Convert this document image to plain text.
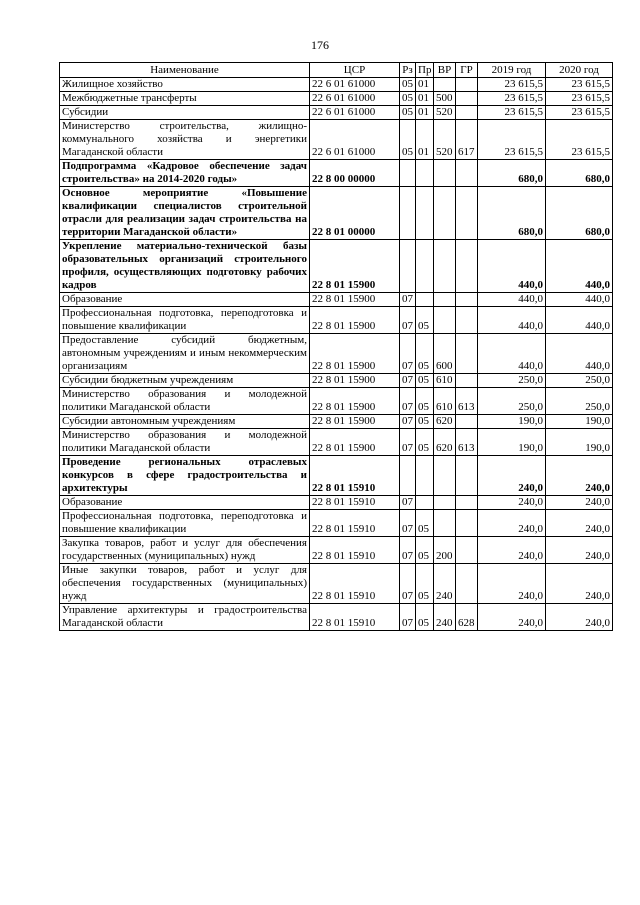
176
Наименование	ЦСР	Рз	Пр	ВР	ГР	2019 год	2020 год
Жилищное хозяйство	22 6 01 61000	05	01			23 615,5	23 615,5
Межбюджетные трансферты	22 6 01 61000	05	01	500		23 615,5	23 615,5
Субсидии	22 6 01 61000	05	01	520		23 615,5	23 615,5
Министерство строительства, жилищно-коммунального хозяйства и энергетики Магаданской области	22 6 01 61000	05	01	520	617	23 615,5	23 615,5
Подпрограмма «Кадровое обеспечение задач строительства» на 2014-2020 годы»	22 8 00 00000					680,0	680,0
Основное мероприятие «Повышение квалификации специалистов строительной отрасли для реализации задач строительства на территории Магаданской области»	22 8 01 00000					680,0	680,0
Укрепление материально-технической базы образовательных организаций строительного профиля, осуществляющих подготовку рабочих кадров	22 8 01 15900					440,0	440,0
Образование	22 8 01 15900	07				440,0	440,0
Профессиональная подготовка, переподготовка и повышение квалификации	22 8 01 15900	07	05			440,0	440,0
Предоставление субсидий бюджетным, автономным учреждениям и иным некоммерческим организациям	22 8 01 15900	07	05	600		440,0	440,0
Субсидии бюджетным учреждениям	22 8 01 15900	07	05	610		250,0	250,0
Министерство образования и молодежной политики Магаданской области	22 8 01 15900	07	05	610	613	250,0	250,0
Субсидии автономным учреждениям	22 8 01 15900	07	05	620		190,0	190,0
Министерство образования и молодежной политики Магаданской области	22 8 01 15900	07	05	620	613	190,0	190,0
Проведение региональных отраслевых конкурсов в сфере градостроительства и архитектуры	22 8 01 15910					240,0	240,0
Образование	22 8 01 15910	07				240,0	240,0
Профессиональная подготовка, переподготовка и повышение квалификации	22 8 01 15910	07	05			240,0	240,0
Закупка товаров, работ и услуг для обеспечения государственных (муниципальных) нужд	22 8 01 15910	07	05	200		240,0	240,0
Иные закупки товаров, работ и услуг для обеспечения государственных (муниципальных) нужд	22 8 01 15910	07	05	240		240,0	240,0
Управление архитектуры и градостроительства Магаданской области	22 8 01 15910	07	05	240	628	240,0	240,0
